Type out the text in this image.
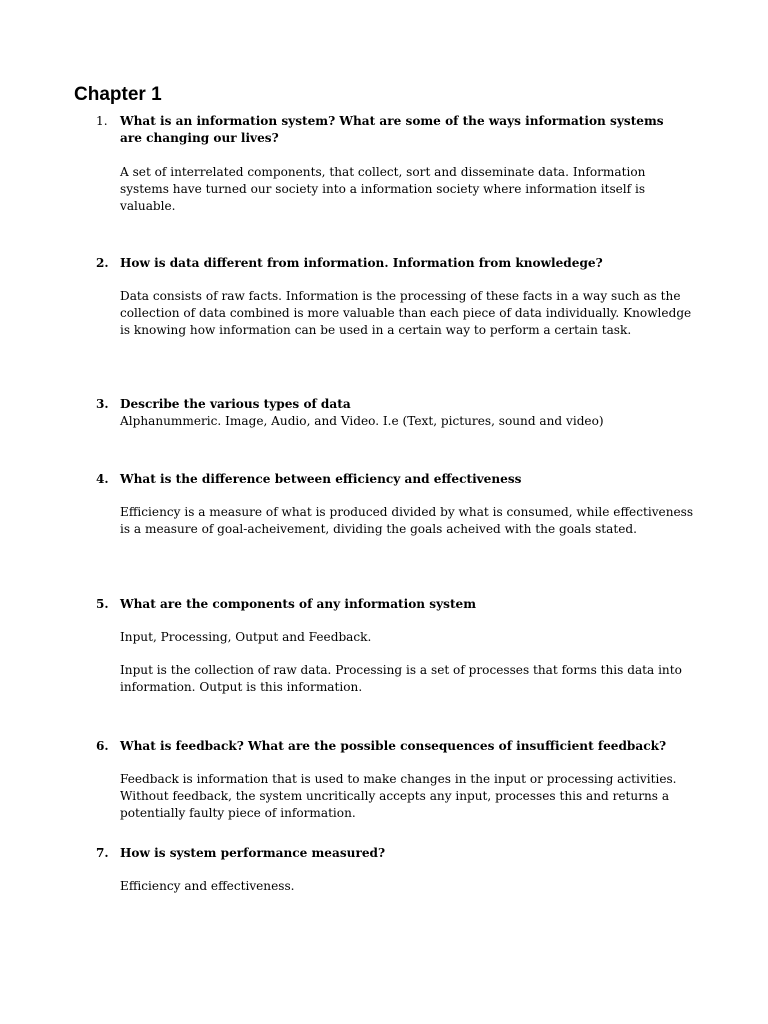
Chapter 1
1. What is an information system? What are some of the ways information systems are changing our lives?

A set of interrelated components, that collect, sort and disseminate data. Information systems have turned our society into a information society where information itself is valuable.

2. How is data different from information. Information from knowledege?

Data consists of raw facts. Information is the processing of these facts in a way such as the collection of data combined is more valuable than each piece of data individually. Knowledge is knowing how information can be used in a certain way to perform a certain task.

3. Describe the various types of data

Alphanummeric. Image, Audio, and Video. I.e (Text, pictures, sound and video)

4. What is the difference between efficiency and effectiveness

Efficiency is a measure of what is produced divided by what is consumed, while effectiveness is a measure of goal-acheivement, dividing the goals acheived with the goals stated.

5. What are the components of any information system

Input, Processing, Output and Feedback.

Input is the collection of raw data. Processing is a set of processes that forms this data into information. Output is this information.

6. What is feedback? What are the possible consequences of insufficient feedback?

Feedback is information that is used to make changes in the input or processing activities. Without feedback, the system uncritically accepts any input, processes this and returns a potentially faulty piece of information.

7. How is system performance measured?

Efficiency and effectiveness.
